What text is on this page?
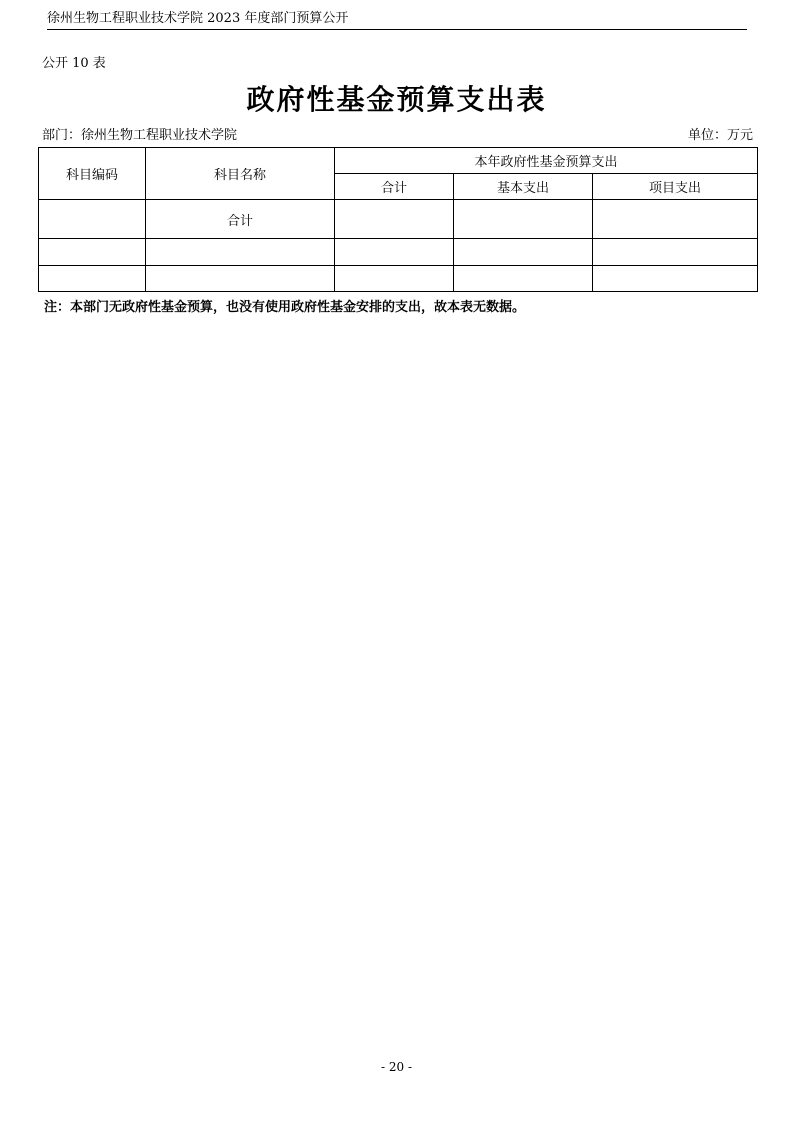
徐州生物工程职业技术学院 2023 年度部门预算公开
公开 10 表
政府性基金预算支出表
部门：徐州生物工程职业技术学院	单位：万元
科目编码	科目名称	本年政府性基金预算支出		
		合计	基本支出	项目支出
	合计			

注：本部门无政府性基金预算，也没有使用政府性基金安排的支出，故本表无数据。
- 20 -
